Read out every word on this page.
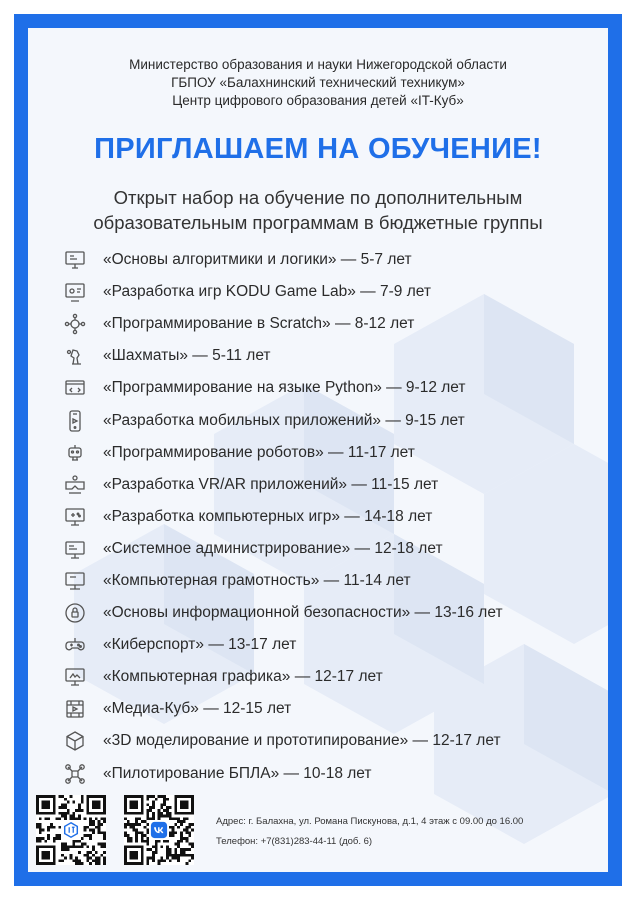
Министерство образования и науки Нижегородской области
ГБПОУ «Балахнинский технический техникум»
Центр цифрового образования детей «IT-Куб»
ПРИГЛАШАЕМ НА ОБУЧЕНИЕ!
Открыт набор на обучение по дополнительным
образовательным программам в бюджетные группы
«Основы алгоритмики и логики» — 5-7 лет
«Разработка игр KODU Game Lab» — 7-9 лет
«Программирование в Scratch» — 8-12 лет
«Шахматы» — 5-11 лет
«Программирование на языке Python» — 9-12 лет
«Разработка мобильных приложений» — 9-15 лет
«Программирование роботов» — 11-17 лет
«Разработка VR/AR приложений» — 11-15 лет
«Разработка компьютерных игр» — 14-18 лет
«Системное администрирование» — 12-18 лет
«Компьютерная грамотность» — 11-14 лет
«Основы информационной безопасности» — 13-16 лет
«Киберспорт» — 13-17 лет
«Компьютерная графика» — 12-17 лет
«Медиа-Куб» — 12-15 лет
«3D моделирование и прототипирование» — 12-17 лет
«Пилотирование БПЛА» — 10-18 лет
Адрес: г. Балахна, ул. Романа Пискунова, д.1, 4 этаж с 09.00 до 16.00
Телефон: +7(831)283-44-11 (доб. 6)
